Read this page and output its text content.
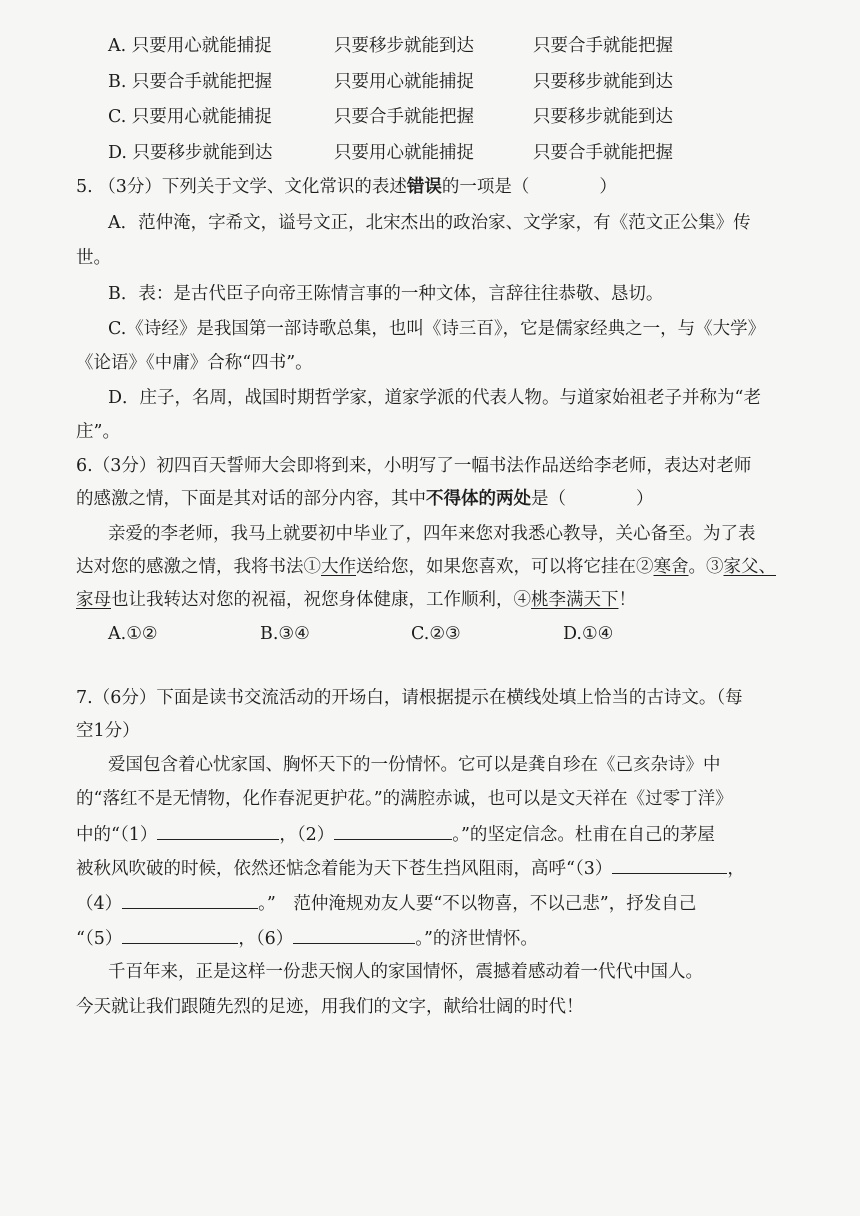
A. 只要用心就能捕捉	只要移步就能到达	只要合手就能把握
B. 只要合手就能把握	只要用心就能捕捉	只要移步就能到达
C. 只要用心就能捕捉	只要合手就能把握	只要移步就能到达
D. 只要移步就能到达	只要用心就能捕捉	只要合手就能把握
5. （3分）下列关于文学、文化常识的表述错误的一项是（　　　　）
A．范仲淹，字希文，谥号文正，北宋杰出的政治家、文学家，有《范文正公集》传
世。
B．表：是古代臣子向帝王陈情言事的一种文体，言辞往往恭敬、恳切。
C.《诗经》是我国第一部诗歌总集，也叫《诗三百》，它是儒家经典之一，与《大学》
《论语》《中庸》合称“四书”。
D．庄子，名周，战国时期哲学家，道家学派的代表人物。与道家始祖老子并称为“老
庄”。
6.（3分）初四百天誓师大会即将到来，小明写了一幅书法作品送给李老师，表达对老师
的感激之情，下面是其对话的部分内容，其中不得体的两处是（　　　　）
亲爱的李老师，我马上就要初中毕业了，四年来您对我悉心教导，关心备至。为了表
达对您的感激之情，我将书法①大作送给您，如果您喜欢，可以将它挂在②寒舍。③家父、
家母也让我转达对您的祝福，祝您身体健康，工作顺利，④桃李满天下！
A.①②	B.③④	C.②③	D.①④
7.（6分）下面是读书交流活动的开场白，请根据提示在横线处填上恰当的古诗文。（每
空1分）
爱国包含着心忧家国、胸怀天下的一份情怀。它可以是龚自珍在《己亥杂诗》中
的“落红不是无情物，化作春泥更护花。”的满腔赤诚，也可以是文天祥在《过零丁洋》
中的“（1）	，（2）	。”的坚定信念。杜甫在自己的茅屋
被秋风吹破的时候，依然还惦念着能为天下苍生挡风阻雨，高呼“（3）	，
（4）	。”　范仲淹规劝友人要“不以物喜，不以己悲”，抒发自己
“（5）	，（6）	。”的济世情怀。
千百年来，正是这样一份悲天悯人的家国情怀，震撼着感动着一代代中国人。
今天就让我们跟随先烈的足迹，用我们的文字，献给壮阔的时代！
